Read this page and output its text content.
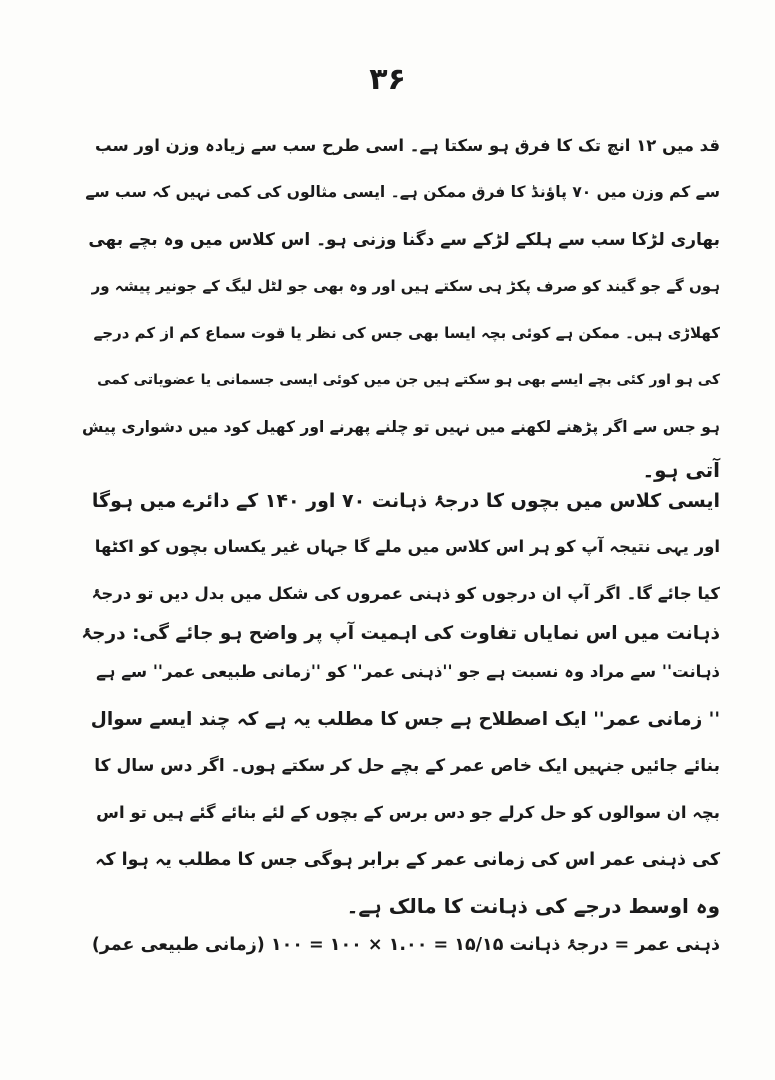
۳۶
قد میں ۱۲ انچ تک کا فرق ہو سکتا ہے۔ اسی طرح سب سے زیادہ وزن اور سب
سے کم وزن میں ۷۰ پاؤنڈ کا فرق ممکن ہے۔ ایسی مثالوں کی کمی نہیں کہ سب سے
بھاری لڑکا سب سے ہلکے لڑکے سے دگنا وزنی ہو۔ اس کلاس میں وہ بچے بھی
ہوں گے جو گیند کو صرف پکڑ ہی سکتے ہیں اور وہ بھی جو لٹل لیگ کے جونیر پیشہ ور
کھلاڑی ہیں۔ ممکن ہے کوئی بچہ ایسا بھی جس کی نظر یا قوت سماع کم از کم درجے
کی ہو اور کئی بچے ایسے بھی ہو سکتے ہیں جن میں کوئی ایسی جسمانی یا عضویاتی کمی
ہو جس سے اگر پڑھنے لکھنے میں نہیں تو چلنے پھرنے اور کھیل کود میں دشواری پیش
آتی ہو۔
ایسی کلاس میں بچوں کا درجۂ ذہانت ۷۰ اور ۱۴۰ کے دائرے میں ہوگا
اور یہی نتیجہ آپ کو ہر اس کلاس میں ملے گا جہاں غیر یکساں بچوں کو اکٹھا
کیا جائے گا۔ اگر آپ ان درجوں کو ذہنی عمروں کی شکل میں بدل دیں تو درجۂ
ذہانت میں اس نمایاں تفاوت کی اہمیت آپ پر واضح ہو جائے گی: درجۂ
ذہانت'' سے مراد وہ نسبت ہے جو ''ذہنی عمر'' کو ''زمانی طبیعی عمر'' سے ہے
'' زمانی عمر'' ایک اصطلاح ہے جس کا مطلب یہ ہے کہ چند ایسے سوال
بنائے جائیں جنہیں ایک خاص عمر کے بچے حل کر سکتے ہوں۔ اگر دس سال کا
بچہ ان سوالوں کو حل کرلے جو دس برس کے بچوں کے لئے بنائے گئے ہیں تو اس
کی ذہنی عمر اس کی زمانی عمر کے برابر ہوگی جس کا مطلب یہ ہوا کہ
وہ اوسط درجے کی ذہانت کا مالک ہے۔
ذہنی عمر = درجۂ ذہانت ۱۵/۱۵ = ۱.۰۰ × ۱۰۰ = ۱۰۰ (زمانی طبیعی عمر)
